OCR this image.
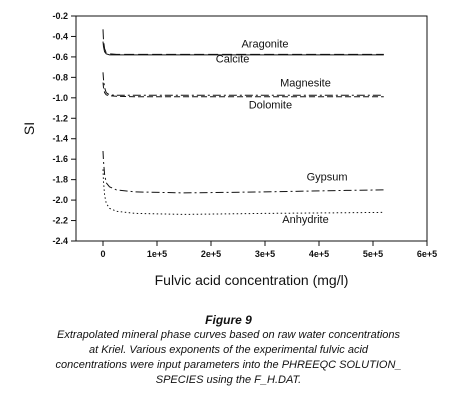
-0.2
-0.4
-0.6
-0.8
-1.0
-1.2
-1.4
-1.6
-1.8
-2.0
-2.2
-2.4
0	1e+5	2e+5	3e+5	4e+5	5e+5	6e+5
Aragonite
Calcite
Magnesite
Dolomite
Gypsum
Anhydrite
SI
Fulvic acid concentration (mg/l)
Figure 9
Extrapolated mineral phase curves based on raw water concentrations
at Kriel. Various exponents of the experimental fulvic acid
concentrations were input parameters into the PHREEQC SOLUTION_
SPECIES using the F_H.DAT.
